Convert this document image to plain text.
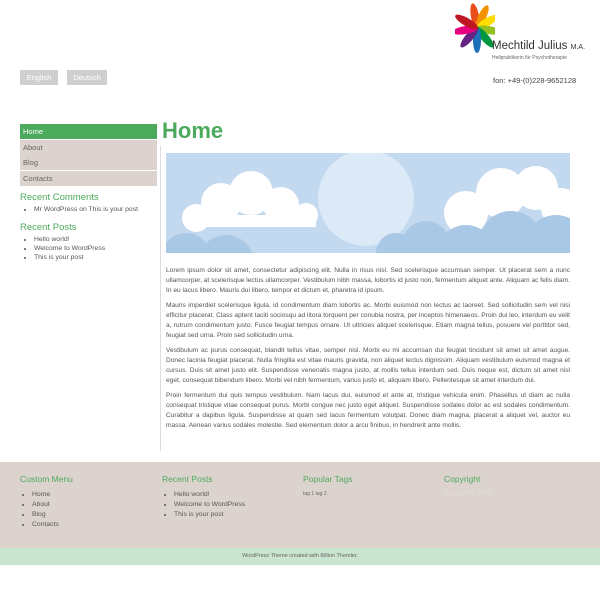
Mechtild Julius M.A.
Heilpraktikerin für Psychotherapie
English	Deutsch	fon: +49-(0)228-9652128
Home
About
Blog
Contacts
Recent Comments
• Mr WordPress on This is your post
Recent Posts
• Hello world!
• Welcome to WordPress
• This is your post
Home

Lorem ipsum dolor sit amet, consectetur adipiscing elit. Nulla in risus nisl. Sed scelerisque accumsan semper. Ut placerat sem a nunc ullamcorper, at scelerisque lectus ullamcorper. Vestibulum nibh massa, lobortis id justo non, fermentum aliquet ante. Aliquam ac felis diam. In eu lacus libero. Mauris dui libero, tempor et dictum et, pharetra id ipsum.

Mauris imperdiet scelerisque ligula, id condimentum diam lobortis ac. Morbi euismod non lectus ac laoreet. Sed sollicitudin sem vel nisi efficitur placerat. Class aptent taciti sociosqu ad litora torquent per conubia nostra, per inceptos himenaeos. Proin dui leo, interdum eu velit a, rutrum condimentum justo. Fusce feugiat tempus ornare. Ut ultricies aliquet scelerisque. Etiam magna tellus, posuere vel porttitor sed, feugiat sed urna. Proin sed sollicitudin urna.

Vestibulum ac purus consequat, blandit tellus vitae, semper nisl. Morbi eu mi accumsan dui feugiat tincidunt sit amet sit amet augue. Donec lacinia feugiat placerat. Nulla fringilla est vitae mauris gravida, non aliquet lectus dignissim. Aliquam vestibulum euismod magna et cursus. Duis sit amet justo elit. Suspendisse venenatis magna justo, at mollis tellus interdum sed. Duis neque est, dictum sit amet nisl eget, consequat bibendum libero. Morbi vel nibh fermentum, varius justo et, aliquam libero. Pellentesque sit amet interdum dui.

Proin fermentum dui quis tempus vestibulum. Nam lacus dui, euismod et ante at, tristique vehicula enim. Phasellus ut diam ac nulla consequat tristique vitae consequat purus. Morbi congue nec justo eget aliquet. Suspendisse sodales dolor ac est sodales condimentum. Curabitur a dapibus ligula. Suspendisse at quam sed lacus fermentum volutpat. Donec diam magna, placerat a aliquet vel, auctor eu massa. Aenean varius sodales molestie. Sed elementum dolor a arcu finibus, in hendrerit ante mollis.

Custom Menu
• Home
• About
• Blog
• Contacts
Recent Posts
• Hello world!
• Welcome to WordPress
• This is your post
Popular Tags
tag 1 tag 2
Copyright
Copyright © 2015
WordPress Theme created with Billion Themler.
